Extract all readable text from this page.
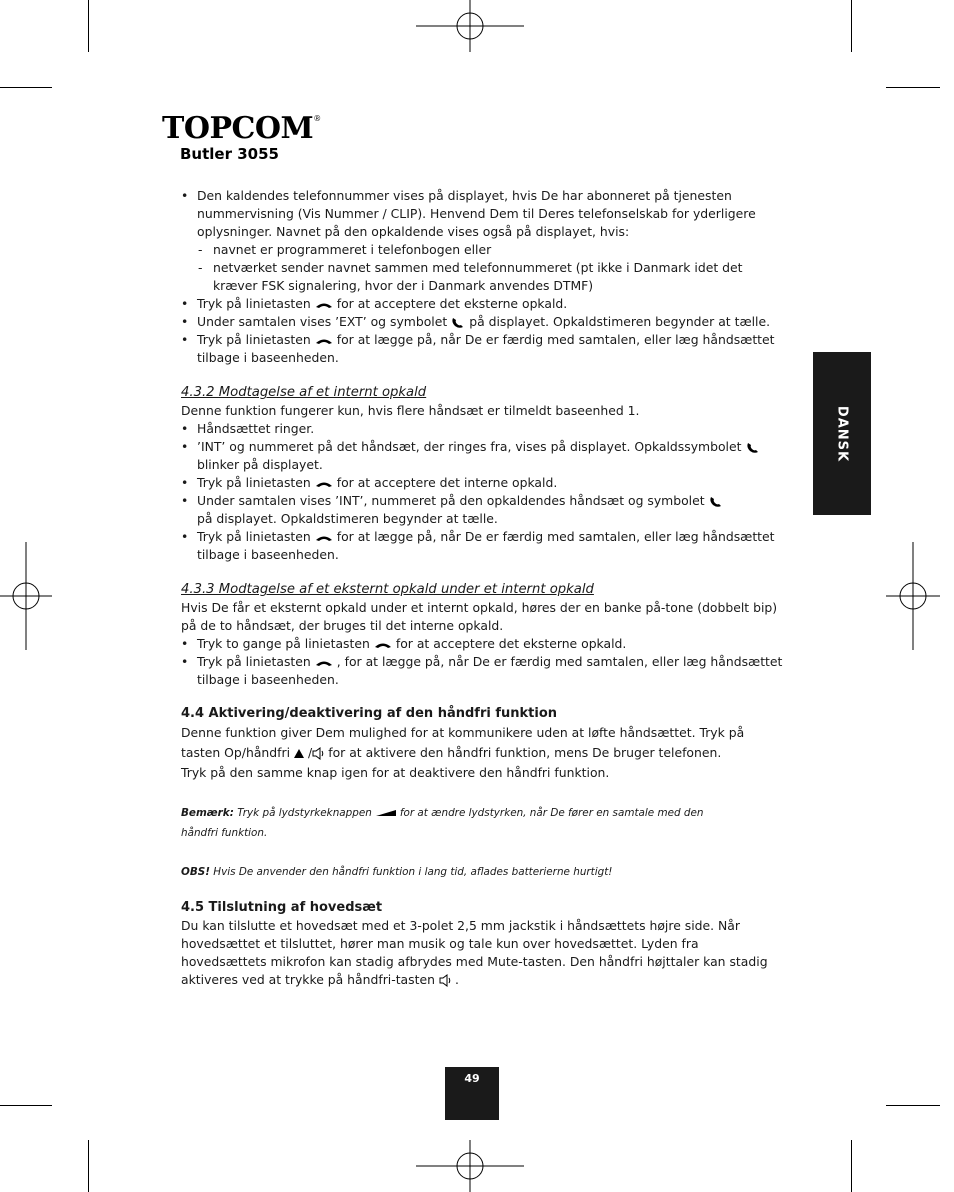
TOPCOM®
Butler 3055
DANSK
• Den kaldendes telefonnummer vises på displayet, hvis De har abonneret på tjenesten nummervisning (Vis Nummer / CLIP). Henvend Dem til Deres telefonselskab for yderligere oplysninger. Navnet på den opkaldende vises også på displayet, hvis:
- navnet er programmeret i telefonbogen eller
- netværket sender navnet sammen med telefonnummeret (pt ikke i Danmark idet det kræver FSK signalering, hvor der i Danmark anvendes DTMF)
• Tryk på linietasten for at acceptere det eksterne opkald.
• Under samtalen vises ’EXT’ og symbolet på displayet. Opkaldstimeren begynder at tælle.
• Tryk på linietasten for at lægge på, når De er færdig med samtalen, eller læg håndsættet tilbage i baseenheden.
4.3.2 Modtagelse af et internt opkald

Denne funktion fungerer kun, hvis flere håndsæt er tilmeldt baseenhed 1.

• Håndsættet ringer.
• ’INT’ og nummeret på det håndsæt, der ringes fra, vises på displayet. Opkaldssymbolet
blinker på displayet.
• Tryk på linietasten for at acceptere det interne opkald.
• Under samtalen vises ’INT’, nummeret på den opkaldendes håndsæt og symbolet
på displayet. Opkaldstimeren begynder at tælle.
• Tryk på linietasten for at lægge på, når De er færdig med samtalen, eller læg håndsættet tilbage i baseenheden.
4.3.3 Modtagelse af et eksternt opkald under et internt opkald

Hvis De får et eksternt opkald under et internt opkald, høres der en banke på-tone (dobbelt bip) på de to håndsæt, der bruges til det interne opkald.

• Tryk to gange på linietasten for at acceptere det eksterne opkald.
• Tryk på linietasten , for at lægge på, når De er færdig med samtalen, eller læg håndsættet tilbage i baseenheden.
4.4 Aktivering/deaktivering af den håndfri funktion

Denne funktion giver Dem mulighed for at kommunikere uden at løfte håndsættet. Tryk på

tasten Op/håndfri / for at aktivere den håndfri funktion, mens De bruger telefonen.

Tryk på den samme knap igen for at deaktivere den håndfri funktion.

Bemærk: Tryk på lydstyrkeknappen	for at ændre lydstyrken, når De fører en samtale med den
håndfri funktion.
OBS! Hvis De anvender den håndfri funktion i lang tid, aflades batterierne hurtigt!
4.5 Tilslutning af hovedsæt

Du kan tilslutte et hovedsæt med et 3-polet 2,5 mm jackstik i håndsættets højre side. Når hovedsættet et tilsluttet, hører man musik og tale kun over hovedsættet. Lyden fra hovedsættets mikrofon kan stadig afbrydes med Mute-tasten. Den håndfri højttaler kan stadig aktiveres ved at trykke på håndfri-tasten .

49
